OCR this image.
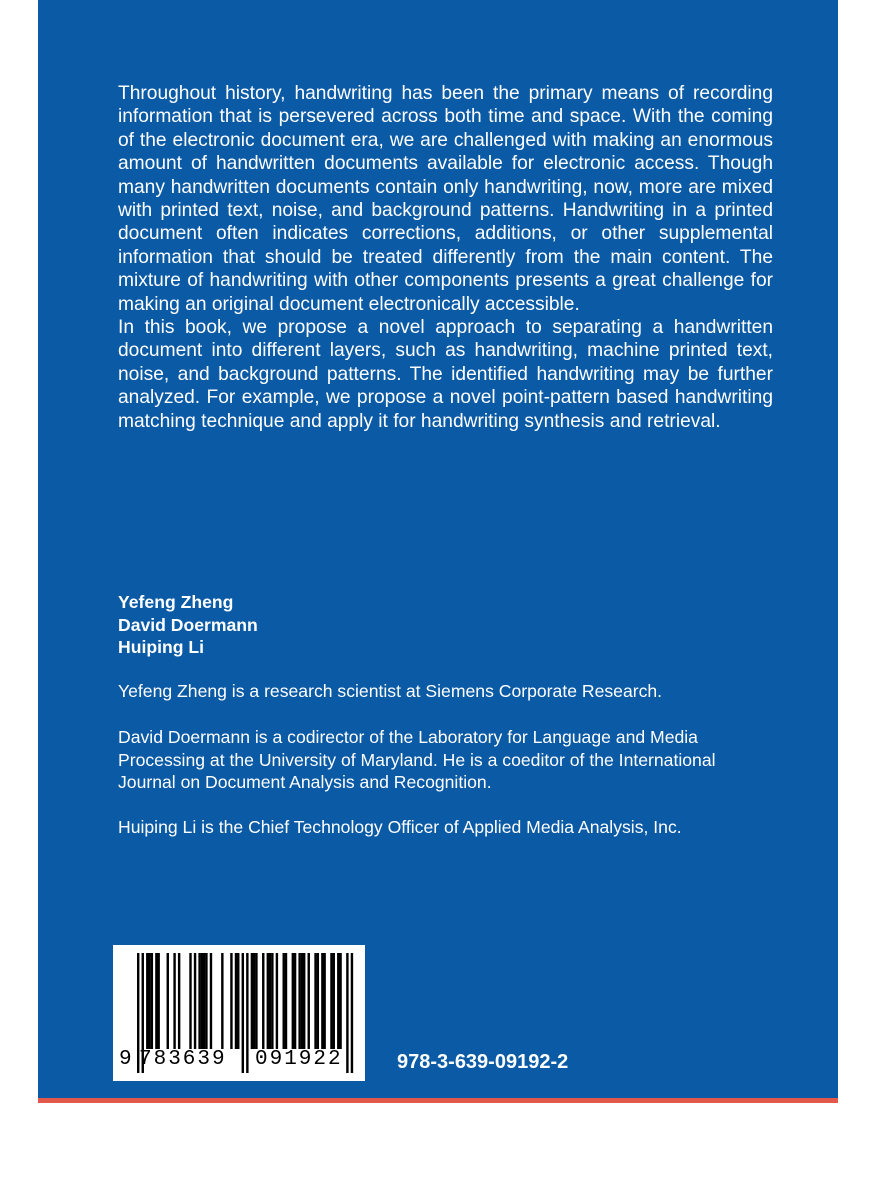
Throughout history, handwriting has been the primary means of recording information that is persevered across both time and space. With the coming of the electronic document era, we are challenged with making an enormous amount of handwritten documents available for electronic access. Though many handwritten documents contain only handwriting, now, more are mixed with printed text, noise, and background patterns. Handwriting in a printed document often indicates corrections, additions, or other supplemental information that should be treated differently from the main content. The mixture of handwriting with other components presents a great challenge for making an original document electronically accessible.

In this book, we propose a novel approach to separating a handwritten document into different layers, such as handwriting, machine printed text, noise, and background patterns. The identified handwriting may be further analyzed. For example, we propose a novel point-pattern based handwriting matching technique and apply it for handwriting synthesis and retrieval.

Yefeng Zheng
David Doermann
Huiping Li
Yefeng Zheng is a research scientist at Siemens Corporate Research.
David Doermann is a codirector of the Laboratory for Language and Media Processing at the University of Maryland. He is a coeditor of the International Journal on Document Analysis and Recognition.
Huiping Li is the Chief Technology Officer of Applied Media Analysis, Inc.
9 783639 091922	978-3-639-09192-2
